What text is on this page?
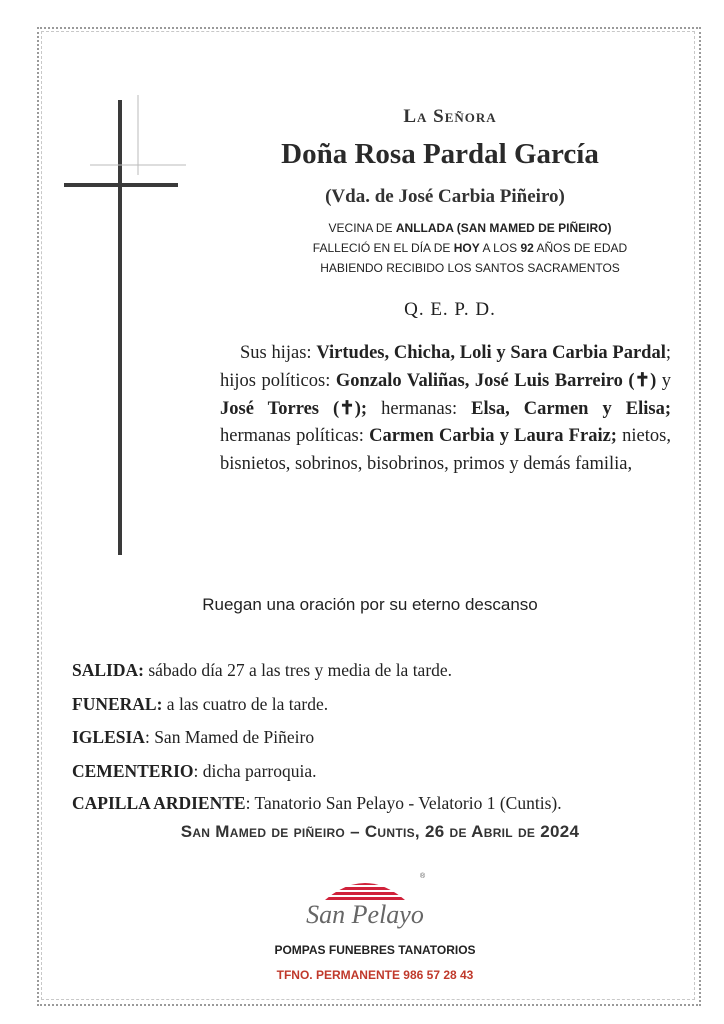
La Señora
Doña Rosa Pardal García
(Vda. de José Carbia Piñeiro)
VECINA DE ANLLADA (SAN MAMED DE PIÑEIRO)
FALLECIÓ EN EL DÍA DE HOY A LOS 92 AÑOS DE EDAD
HABIENDO RECIBIDO LOS SANTOS SACRAMENTOS
Q. E. P. D.
Sus hijas: Virtudes, Chicha, Loli y Sara Carbia Pardal; hijos políticos: Gonzalo Valiñas, José Luis Barreiro (✝) y José Torres (✝); hermanas: Elsa, Carmen y Elisa; hermanas políticas: Carmen Carbia y Laura Fraiz; nietos, bisnietos, sobrinos, bisobrinos, primos y demás familia,
Ruegan una oración por su eterno descanso
SALIDA: sábado día 27 a las tres y media de la tarde.
FUNERAL: a las cuatro de la tarde.
IGLESIA: San Mamed de Piñeiro
CEMENTERIO: dicha parroquia.
CAPILLA ARDIENTE: Tanatorio San Pelayo - Velatorio 1 (Cuntis).
San Mamed de piñeiro – Cuntis, 26 de Abril de 2024
®
San Pelayo
POMPAS FUNEBRES TANATORIOS
TFNO. PERMANENTE 986 57 28 43
